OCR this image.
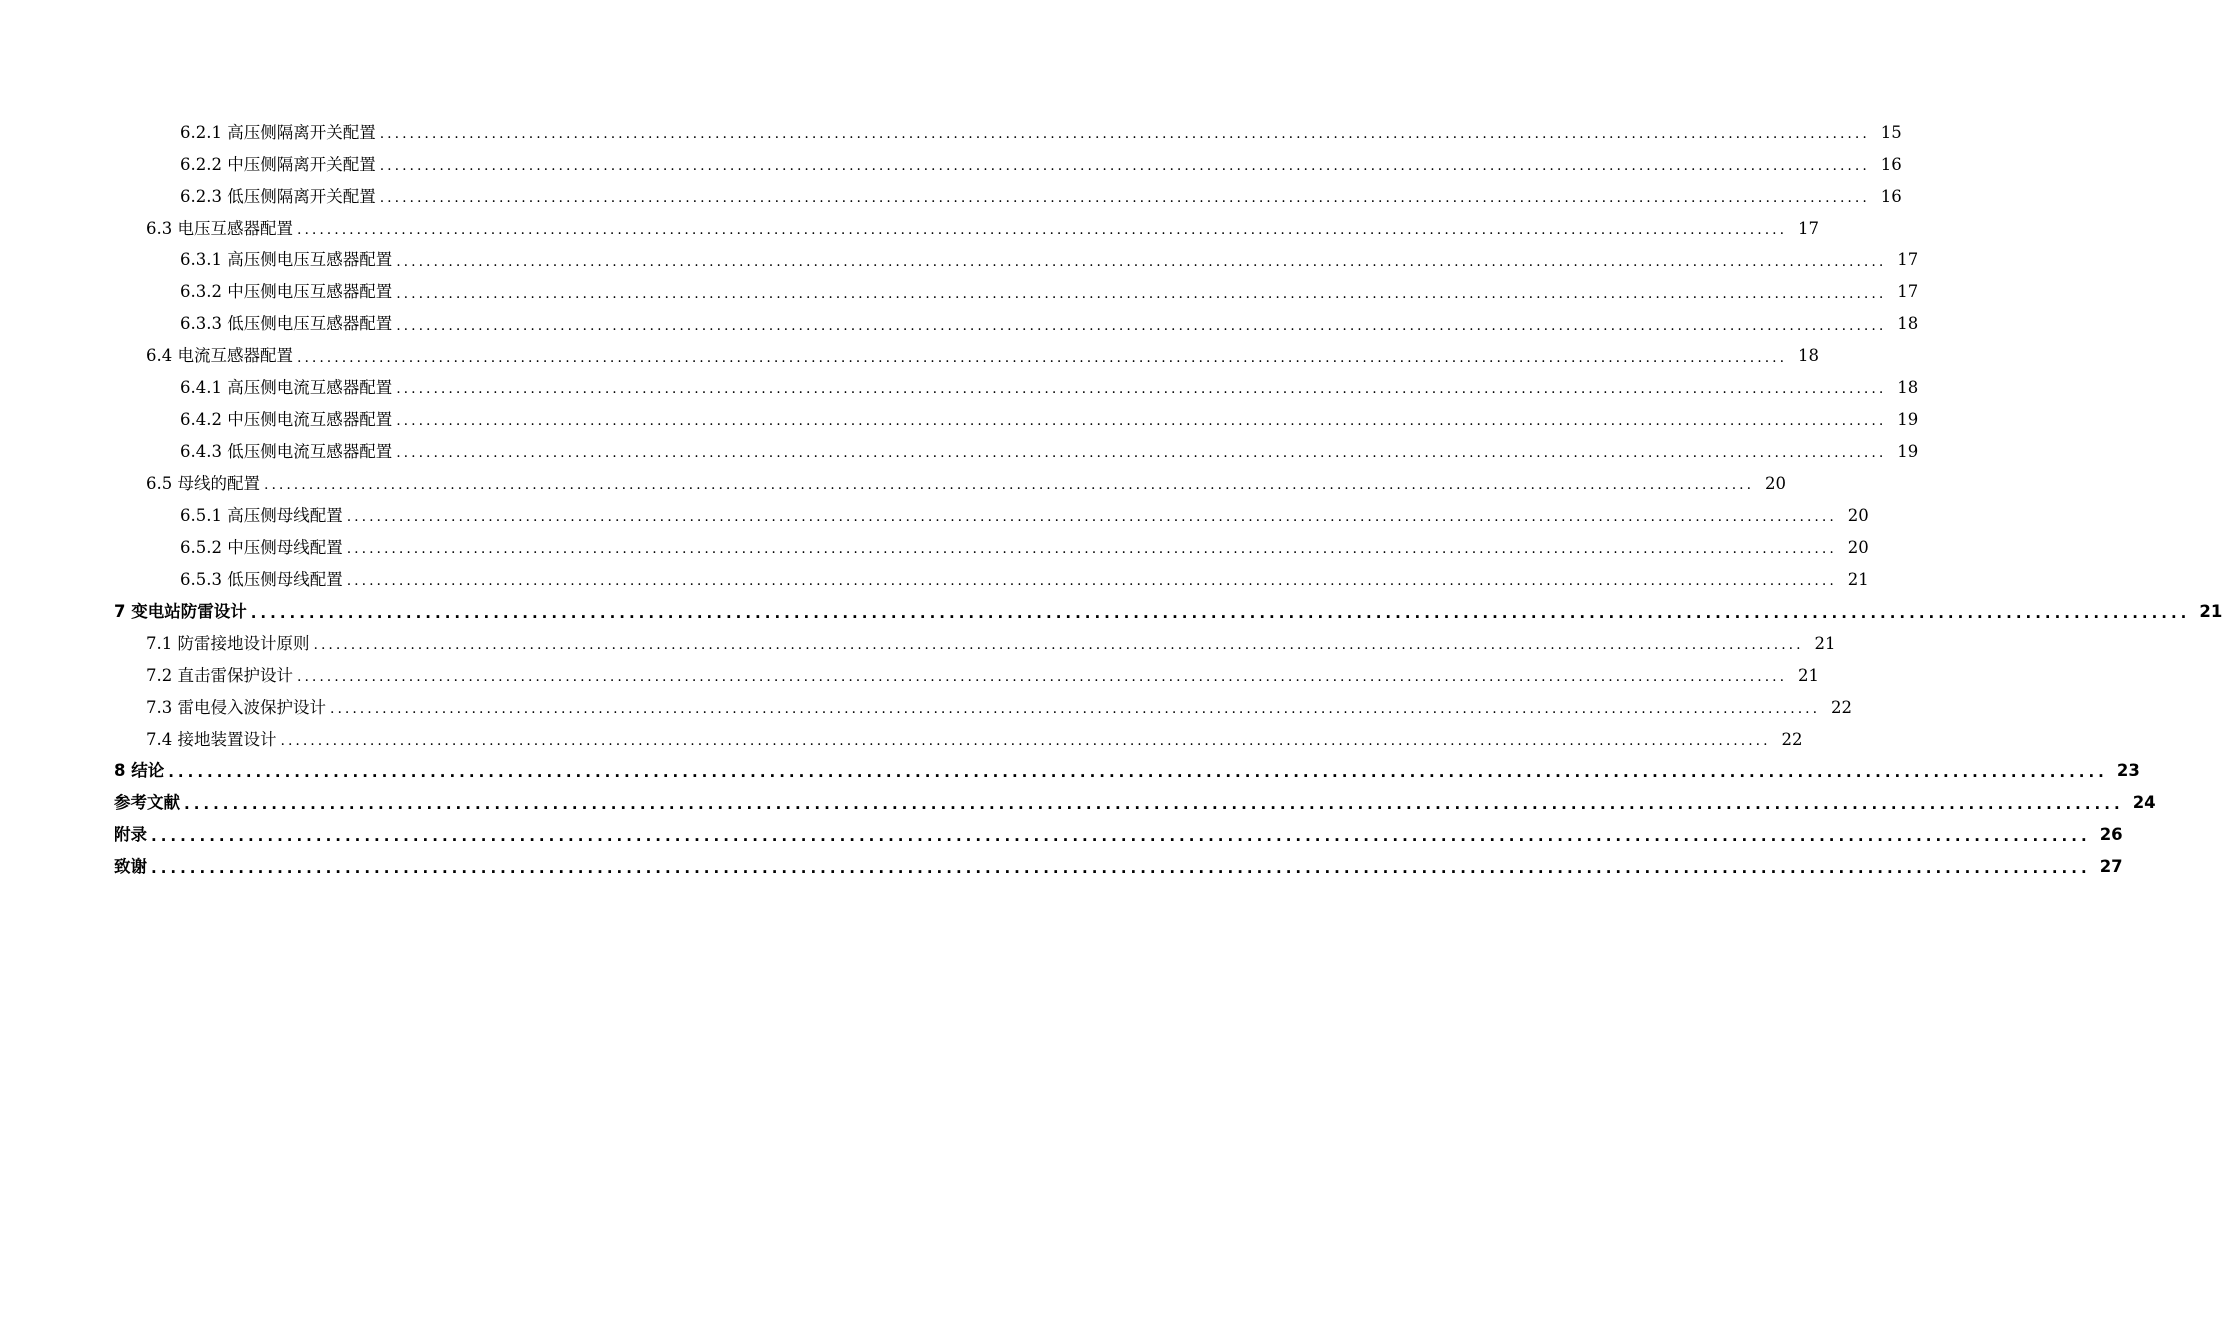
6.2.1 高压侧隔离开关配置 ........................................................................................................................................................................................................ 15
6.2.2 中压侧隔离开关配置 ........................................................................................................................................................................................................ 16
6.2.3 低压侧隔离开关配置 ........................................................................................................................................................................................................ 16
6.3 电压互感器配置 ........................................................................................................................................................................................................ 17
6.3.1 高压侧电压互感器配置 ........................................................................................................................................................................................................ 17
6.3.2 中压侧电压互感器配置 ........................................................................................................................................................................................................ 17
6.3.3 低压侧电压互感器配置 ........................................................................................................................................................................................................ 18
6.4 电流互感器配置 ........................................................................................................................................................................................................ 18
6.4.1 高压侧电流互感器配置 ........................................................................................................................................................................................................ 18
6.4.2 中压侧电流互感器配置 ........................................................................................................................................................................................................ 19
6.4.3 低压侧电流互感器配置 ........................................................................................................................................................................................................ 19
6.5 母线的配置 ........................................................................................................................................................................................................ 20
6.5.1 高压侧母线配置 ........................................................................................................................................................................................................ 20
6.5.2 中压侧母线配置 ........................................................................................................................................................................................................ 20
6.5.3 低压侧母线配置 ........................................................................................................................................................................................................ 21
7 变电站防雷设计 ........................................................................................................................................................................................................ 21
7.1 防雷接地设计原则 ........................................................................................................................................................................................................ 21
7.2 直击雷保护设计 ........................................................................................................................................................................................................ 21
7.3 雷电侵入波保护设计 ........................................................................................................................................................................................................ 22
7.4 接地装置设计 ........................................................................................................................................................................................................ 22
8 结论 ........................................................................................................................................................................................................ 23
参考文献 ........................................................................................................................................................................................................ 24
附录 ........................................................................................................................................................................................................ 26
致谢 ........................................................................................................................................................................................................ 27
